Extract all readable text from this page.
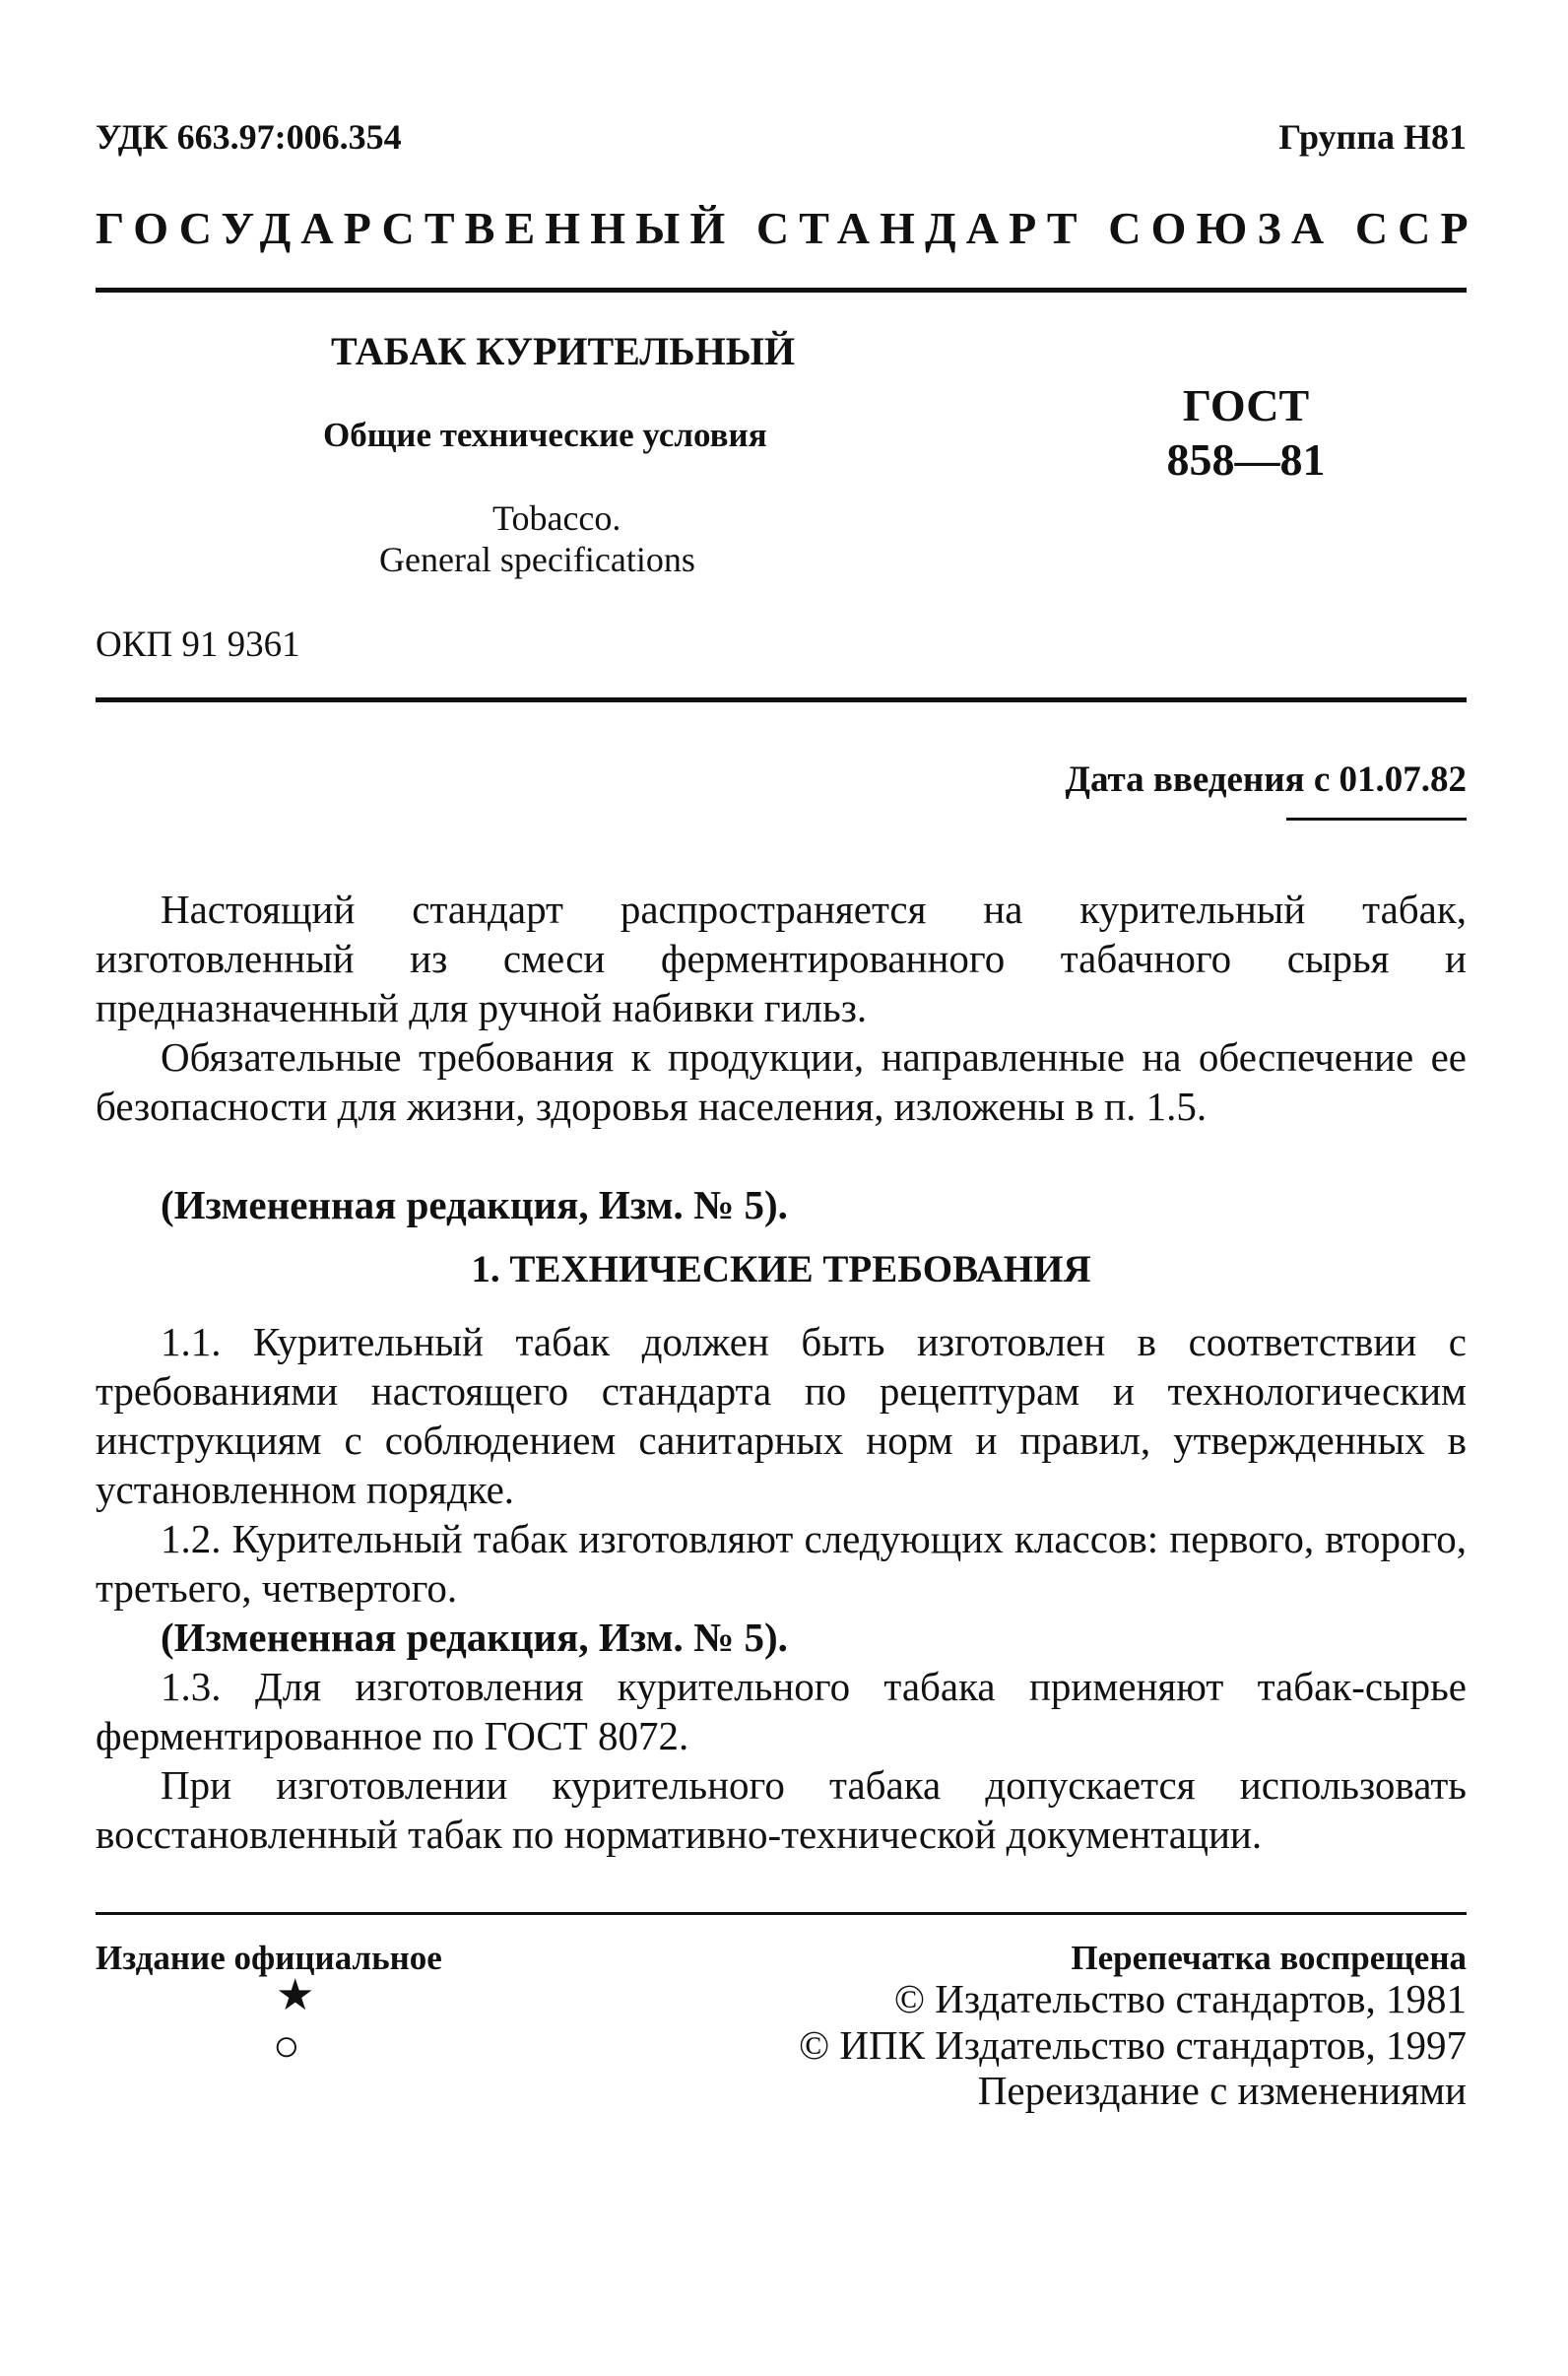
УДК 663.97:006.354	Группа Н81
ГОСУДАРСТВЕННЫЙ СТАНДАРТ СОЮЗА ССР
ТАБАК КУРИТЕЛЬНЫЙ
Общие технические условия
ГОСТ
858—81
Tobacco.
General specifications
ОКП 91 9361
Дата введения с 01.07.82

Настоящий стандарт распространяется на курительный табак, изготовленный из смеси ферментированного табачного сырья и предназначенный для ручной набивки гильз.

Обязательные требования к продукции, направленные на обеспечение ее безопасности для жизни, здоровья населения, изложены в п. 1.5.

(Измененная редакция, Изм. № 5).

1. ТЕХНИЧЕСКИЕ ТРЕБОВАНИЯ

1.1. Курительный табак должен быть изготовлен в соответствии с требованиями настоящего стандарта по рецептурам и технологическим инструкциям с соблюдением санитарных норм и правил, утвержденных в установленном порядке.

1.2. Курительный табак изготовляют следующих классов: первого, второго, третьего, четвертого.

(Измененная редакция, Изм. № 5).

1.3. Для изготовления курительного табака применяют табак-сырье ферментированное по ГОСТ 8072.

При изготовлении курительного табака допускается использовать восстановленный табак по нормативно-технической документации.

Издание официальное
★
○
Перепечатка воспрещена
© Издательство стандартов, 1981
© ИПК Издательство стандартов, 1997
Переиздание с изменениями
